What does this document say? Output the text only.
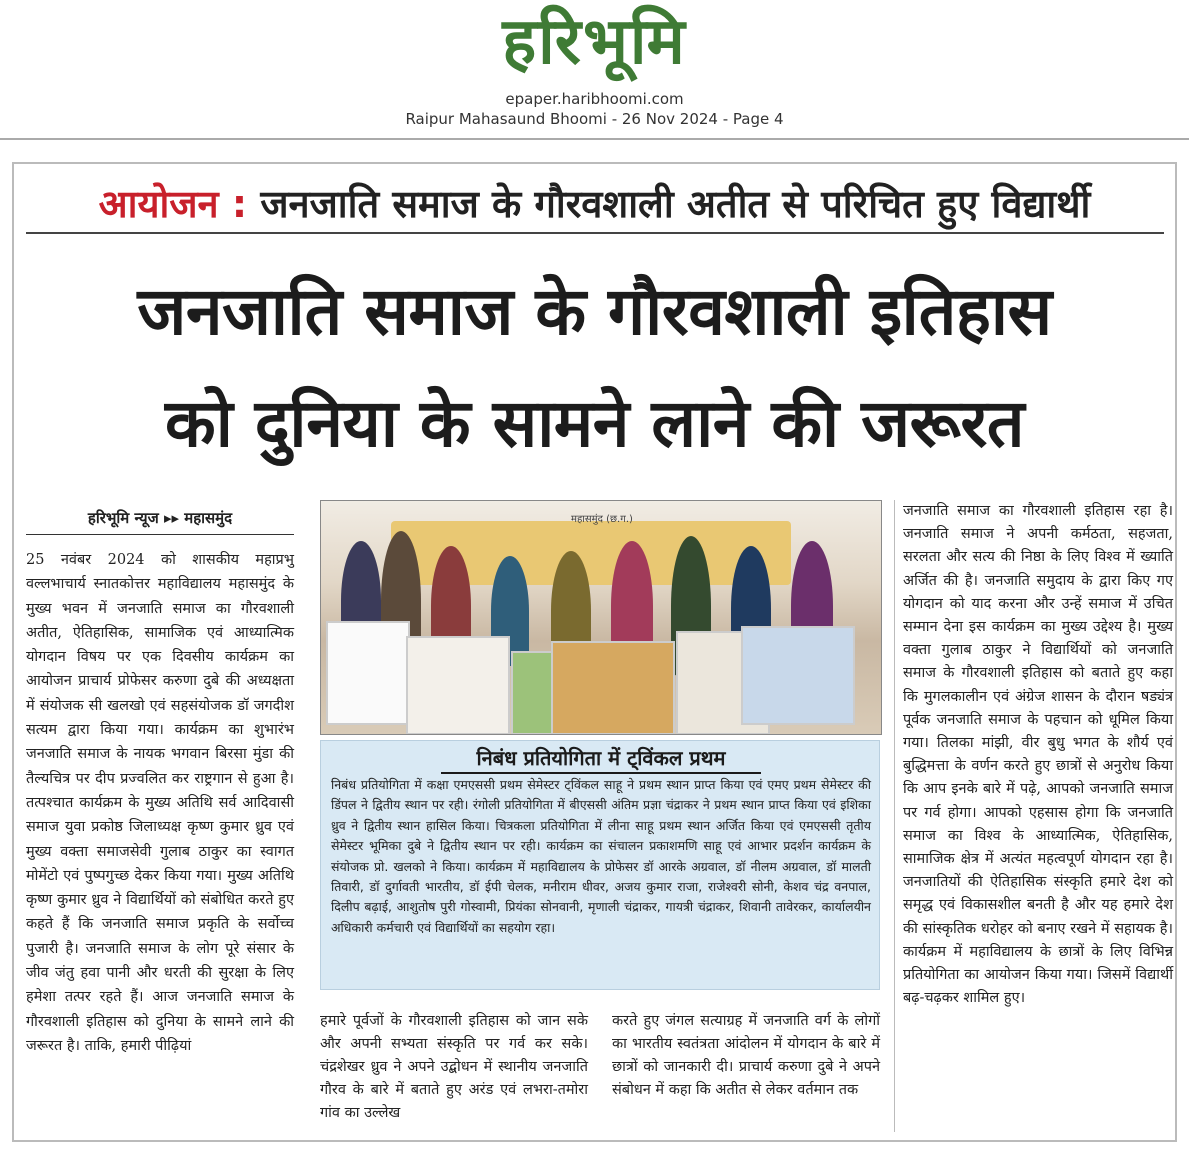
हरिभूमि
epaper.haribhoomi.com
Raipur Mahasaund Bhoomi - 26 Nov 2024 - Page 4
आयोजन : जनजाति समाज के गौरवशाली अतीत से परिचित हुए विद्यार्थी
जनजाति समाज के गौरवशाली इतिहास
को दुनिया के सामने लाने की जरूरत
हरिभूमि न्यूज ▸▸ महासमुंद

25 नवंबर 2024 को शासकीय महाप्रभु वल्लभाचार्य स्नातकोत्तर महाविद्यालय महासमुंद के मुख्य भवन में जनजाति समाज का गौरवशाली अतीत, ऐतिहासिक, सामाजिक एवं आध्यात्मिक योगदान विषय पर एक दिवसीय कार्यक्रम का आयोजन प्राचार्य प्रोफेसर करुणा दुबे की अध्यक्षता में संयोजक सी खलखो एवं सहसंयोजक डॉ जगदीश सत्यम द्वारा किया गया। कार्यक्रम का शुभारंभ जनजाति समाज के नायक भगवान बिरसा मुंडा की तैल्यचित्र पर दीप प्रज्वलित कर राष्ट्रगान से हुआ है। तत्पश्चात कार्यक्रम के मुख्य अतिथि सर्व आदिवासी समाज युवा प्रकोष्ठ जिलाध्यक्ष कृष्ण कुमार ध्रुव एवं मुख्य वक्ता समाजसेवी गुलाब ठाकुर का स्वागत मोमेंटो एवं पुष्पगुच्छ देकर किया गया। मुख्य अतिथि कृष्ण कुमार ध्रुव ने विद्यार्थियों को संबोधित करते हुए कहते हैं कि जनजाति समाज प्रकृति के सर्वोच्च पुजारी है। जनजाति समाज के लोग पूरे संसार के जीव जंतु हवा पानी और धरती की सुरक्षा के लिए हमेशा तत्पर रहते हैं। आज जनजाति समाज के गौरवशाली इतिहास को दुनिया के सामने लाने की जरूरत है। ताकि, हमारी पीढ़ियां

महासमुंद (छ.ग.)
निबंध प्रतियोगिता में ट्विंकल प्रथम

निबंध प्रतियोगिता में कक्षा एमएससी प्रथम सेमेस्टर ट्विंकल साहू ने प्रथम स्थान प्राप्त किया एवं एमए प्रथम सेमेस्टर की डिंपल ने द्वितीय स्थान पर रही। रंगोली प्रतियोगिता में बीएससी अंतिम प्रज्ञा चंद्राकर ने प्रथम स्थान प्राप्त किया एवं इशिका ध्रुव ने द्वितीय स्थान हासिल किया। चित्रकला प्रतियोगिता में लीना साहू प्रथम स्थान अर्जित किया एवं एमएससी तृतीय सेमेस्टर भूमिका दुबे ने द्वितीय स्थान पर रही। कार्यक्रम का संचालन प्रकाशमणि साहू एवं आभार प्रदर्शन कार्यक्रम के संयोजक प्रो. खलको ने किया। कार्यक्रम में महाविद्यालय के प्रोफेसर डॉ आरके अग्रवाल, डॉ नीलम अग्रवाल, डॉ मालती तिवारी, डॉ दुर्गावती भारतीय, डॉ ईपी चेलक, मनीराम धीवर, अजय कुमार राजा, राजेश्वरी सोनी, केशव चंद्र वनपाल, दिलीप बढ़ाई, आशुतोष पुरी गोस्वामी, प्रियंका सोनवानी, मृणाली चंद्राकर, गायत्री चंद्राकर, शिवानी तावेरकर, कार्यालयीन अधिकारी कर्मचारी एवं विद्यार्थियों का सहयोग रहा।

हमारे पूर्वजों के गौरवशाली इतिहास को जान सके और अपनी सभ्यता संस्कृति पर गर्व कर सके। चंद्रशेखर ध्रुव ने अपने उद्बोधन में स्थानीय जनजाति गौरव के बारे में बताते हुए अरंड एवं लभरा-तमोरा गांव का उल्लेख

करते हुए जंगल सत्याग्रह में जनजाति वर्ग के लोगों का भारतीय स्वतंत्रता आंदोलन में योगदान के बारे में छात्रों को जानकारी दी। प्राचार्य करुणा दुबे ने अपने संबोधन में कहा कि अतीत से लेकर वर्तमान तक

जनजाति समाज का गौरवशाली इतिहास रहा है। जनजाति समाज ने अपनी कर्मठता, सहजता, सरलता और सत्य की निष्ठा के लिए विश्व में ख्याति अर्जित की है। जनजाति समुदाय के द्वारा किए गए योगदान को याद करना और उन्हें समाज में उचित सम्मान देना इस कार्यक्रम का मुख्य उद्देश्य है। मुख्य वक्ता गुलाब ठाकुर ने विद्यार्थियों को जनजाति समाज के गौरवशाली इतिहास को बताते हुए कहा कि मुगलकालीन एवं अंग्रेज शासन के दौरान षड्यंत्र पूर्वक जनजाति समाज के पहचान को धूमिल किया गया। तिलका मांझी, वीर बुधु भगत के शौर्य एवं बुद्धिमत्ता के वर्णन करते हुए छात्रों से अनुरोध किया कि आप इनके बारे में पढ़े, आपको जनजाति समाज पर गर्व होगा। आपको एहसास होगा कि जनजाति समाज का विश्व के आध्यात्मिक, ऐतिहासिक, सामाजिक क्षेत्र में अत्यंत महत्वपूर्ण योगदान रहा है। जनजातियों की ऐतिहासिक संस्कृति हमारे देश को समृद्ध एवं विकासशील बनती है और यह हमारे देश की सांस्कृतिक धरोहर को बनाए रखने में सहायक है। कार्यक्रम में महाविद्यालय के छात्रों के लिए विभिन्न प्रतियोगिता का आयोजन किया गया। जिसमें विद्यार्थी बढ़-चढ़कर शामिल हुए।
